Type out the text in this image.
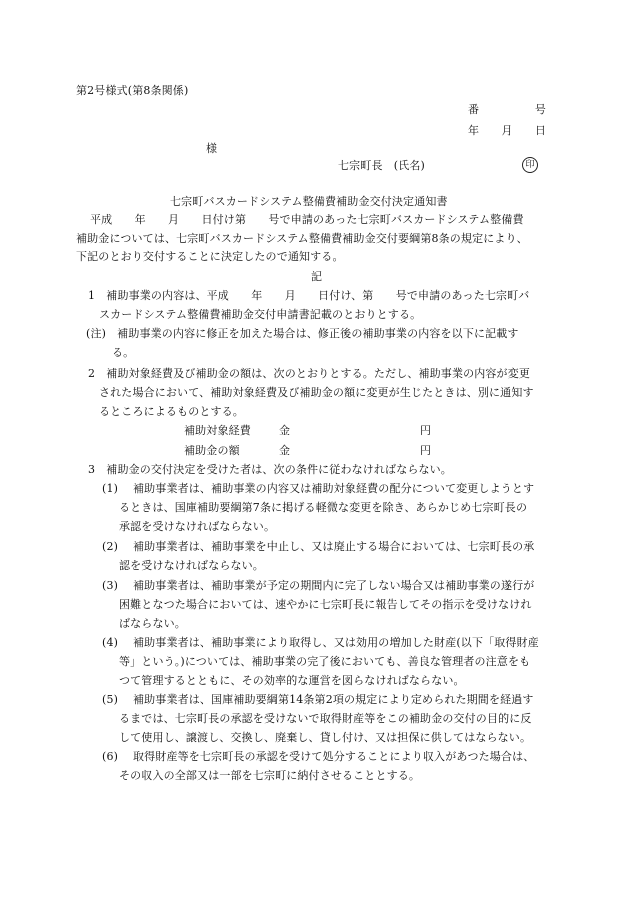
第2号様式(第8条関係)
番　　　　　号
年　　月　　日
様
七宗町長　(氏名)	印
七宗町バスカードシステム整備費補助金交付決定通知書
平成　　年　　月　　日付け第　　号で申請のあった七宗町バスカードシステム整備費
補助金については、七宗町バスカードシステム整備費補助金交付要綱第8条の規定により、
下記のとおり交付することに決定したので通知する。
記
1　補助事業の内容は、平成　　年　　月　　日付け、第　　号で申請のあった七宗町バ
スカードシステム整備費補助金交付申請書記載のとおりとする。
(注)　補助事業の内容に修正を加えた場合は、修正後の補助事業の内容を以下に記載す
る。
2　補助対象経費及び補助金の額は、次のとおりとする。ただし、補助事業の内容が変更
された場合において、補助対象経費及び補助金の額に変更が生じたときは、別に通知す
るところによるものとする。
補助対象経費	金	円
補助金の額	金	円
3　補助金の交付決定を受けた者は、次の条件に従わなければならない。
(1) 補助事業者は、補助事業の内容又は補助対象経費の配分について変更しようとす
るときは、国庫補助要綱第7条に掲げる軽微な変更を除き、あらかじめ七宗町長の
承認を受けなければならない。
(2) 補助事業者は、補助事業を中止し、又は廃止する場合においては、七宗町長の承
認を受けなければならない。
(3) 補助事業者は、補助事業が予定の期間内に完了しない場合又は補助事業の遂行が
困難となつた場合においては、速やかに七宗町長に報告してその指示を受けなけれ
ばならない。
(4) 補助事業者は、補助事業により取得し、又は効用の増加した財産(以下「取得財産
等」という。)については、補助事業の完了後においても、善良な管理者の注意をも
つて管理するとともに、その効率的な運営を図らなければならない。
(5) 補助事業者は、国庫補助要綱第14条第2項の規定により定められた期間を経過す
るまでは、七宗町長の承認を受けないで取得財産等をこの補助金の交付の目的に反
して使用し、譲渡し、交換し、廃棄し、貸し付け、又は担保に供してはならない。
(6) 取得財産等を七宗町長の承認を受けて処分することにより収入があつた場合は、
その収入の全部又は一部を七宗町に納付させることとする。
